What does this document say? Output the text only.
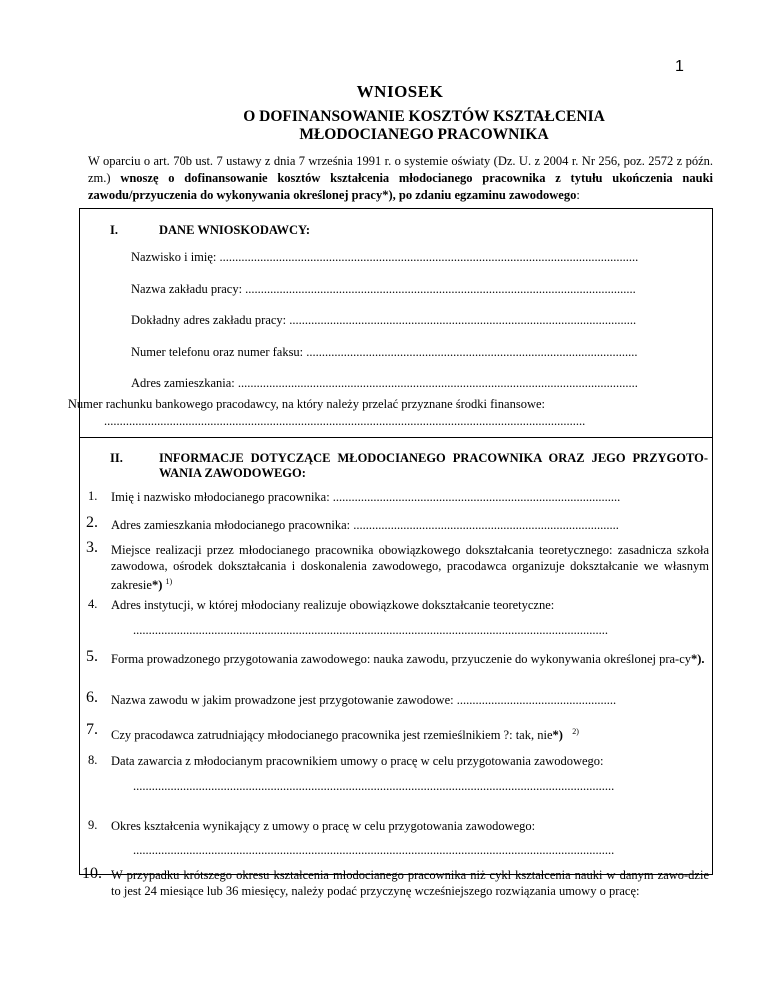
1
WNIOSEK
O DOFINANSOWANIE KOSZTÓW KSZTAŁCENIA
MŁODOCIANEGO PRACOWNIKA
W oparciu o art. 70b ust. 7 ustawy z dnia 7 września 1991 r. o systemie oświaty (Dz. U. z 2004 r. Nr 256, poz. 2572 z późn. zm.) wnoszę o dofinansowanie kosztów kształcenia młodocianego pracownika z tytułu ukończenia nauki zawodu/przyuczenia do wykonywania określonej pracy*), po zdaniu egzaminu zawodowego:
I.	DANE WNIOSKODAWCY:
Nazwisko i imię: ......................................................................................................................................
Nazwa zakładu pracy: .............................................................................................................................
Dokładny adres zakładu pracy: ...............................................................................................................
Numer telefonu oraz numer faksu: ..........................................................................................................
Adres zamieszkania: ................................................................................................................................
Numer rachunku bankowego pracodawcy, na który należy przelać przyznane środki finansowe:
..........................................................................................................................................................
II.	INFORMACJE DOTYCZĄCE MŁODOCIANEGO PRACOWNIKA ORAZ JEGO PRZYGOTO-
WANIA ZAWODOWEGO:
1. Imię i nazwisko młodocianego pracownika: ............................................................................................
2. Adres zamieszkania młodocianego pracownika: .....................................................................................
3. Miejsce realizacji przez młodocianego pracownika obowiązkowego dokształcania teoretycznego: zasadnicza szkoła zawodowa, ośrodek dokształcania i doskonalenia zawodowego, pracodawca organizuje dokształcanie we własnym zakresie*) $^{1)}$
4. Adres instytucji, w której młodociany realizuje obowiązkowe dokształcanie teoretyczne:
........................................................................................................................................................
5. Forma prowadzonego przygotowania zawodowego: nauka zawodu, przyuczenie do wykonywania określonej pra-cy*).
6. Nazwa zawodu w jakim prowadzone jest przygotowanie zawodowe: ...................................................
7. Czy pracodawca zatrudniający młodocianego pracownika jest rzemieślnikiem ?: tak, nie*) $^{2)}$
8. Data zawarcia z młodocianym pracownikiem umowy o pracę w celu przygotowania zawodowego:
..........................................................................................................................................................
9. Okres kształcenia wynikający z umowy o pracę w celu przygotowania zawodowego:
..........................................................................................................................................................
10. W przypadku krótszego okresu kształcenia młodocianego pracownika niż cykl kształcenia nauki w danym zawo-dzie to jest 24 miesiące lub 36 miesięcy, należy podać przyczynę wcześniejszego rozwiązania umowy o pracę:
